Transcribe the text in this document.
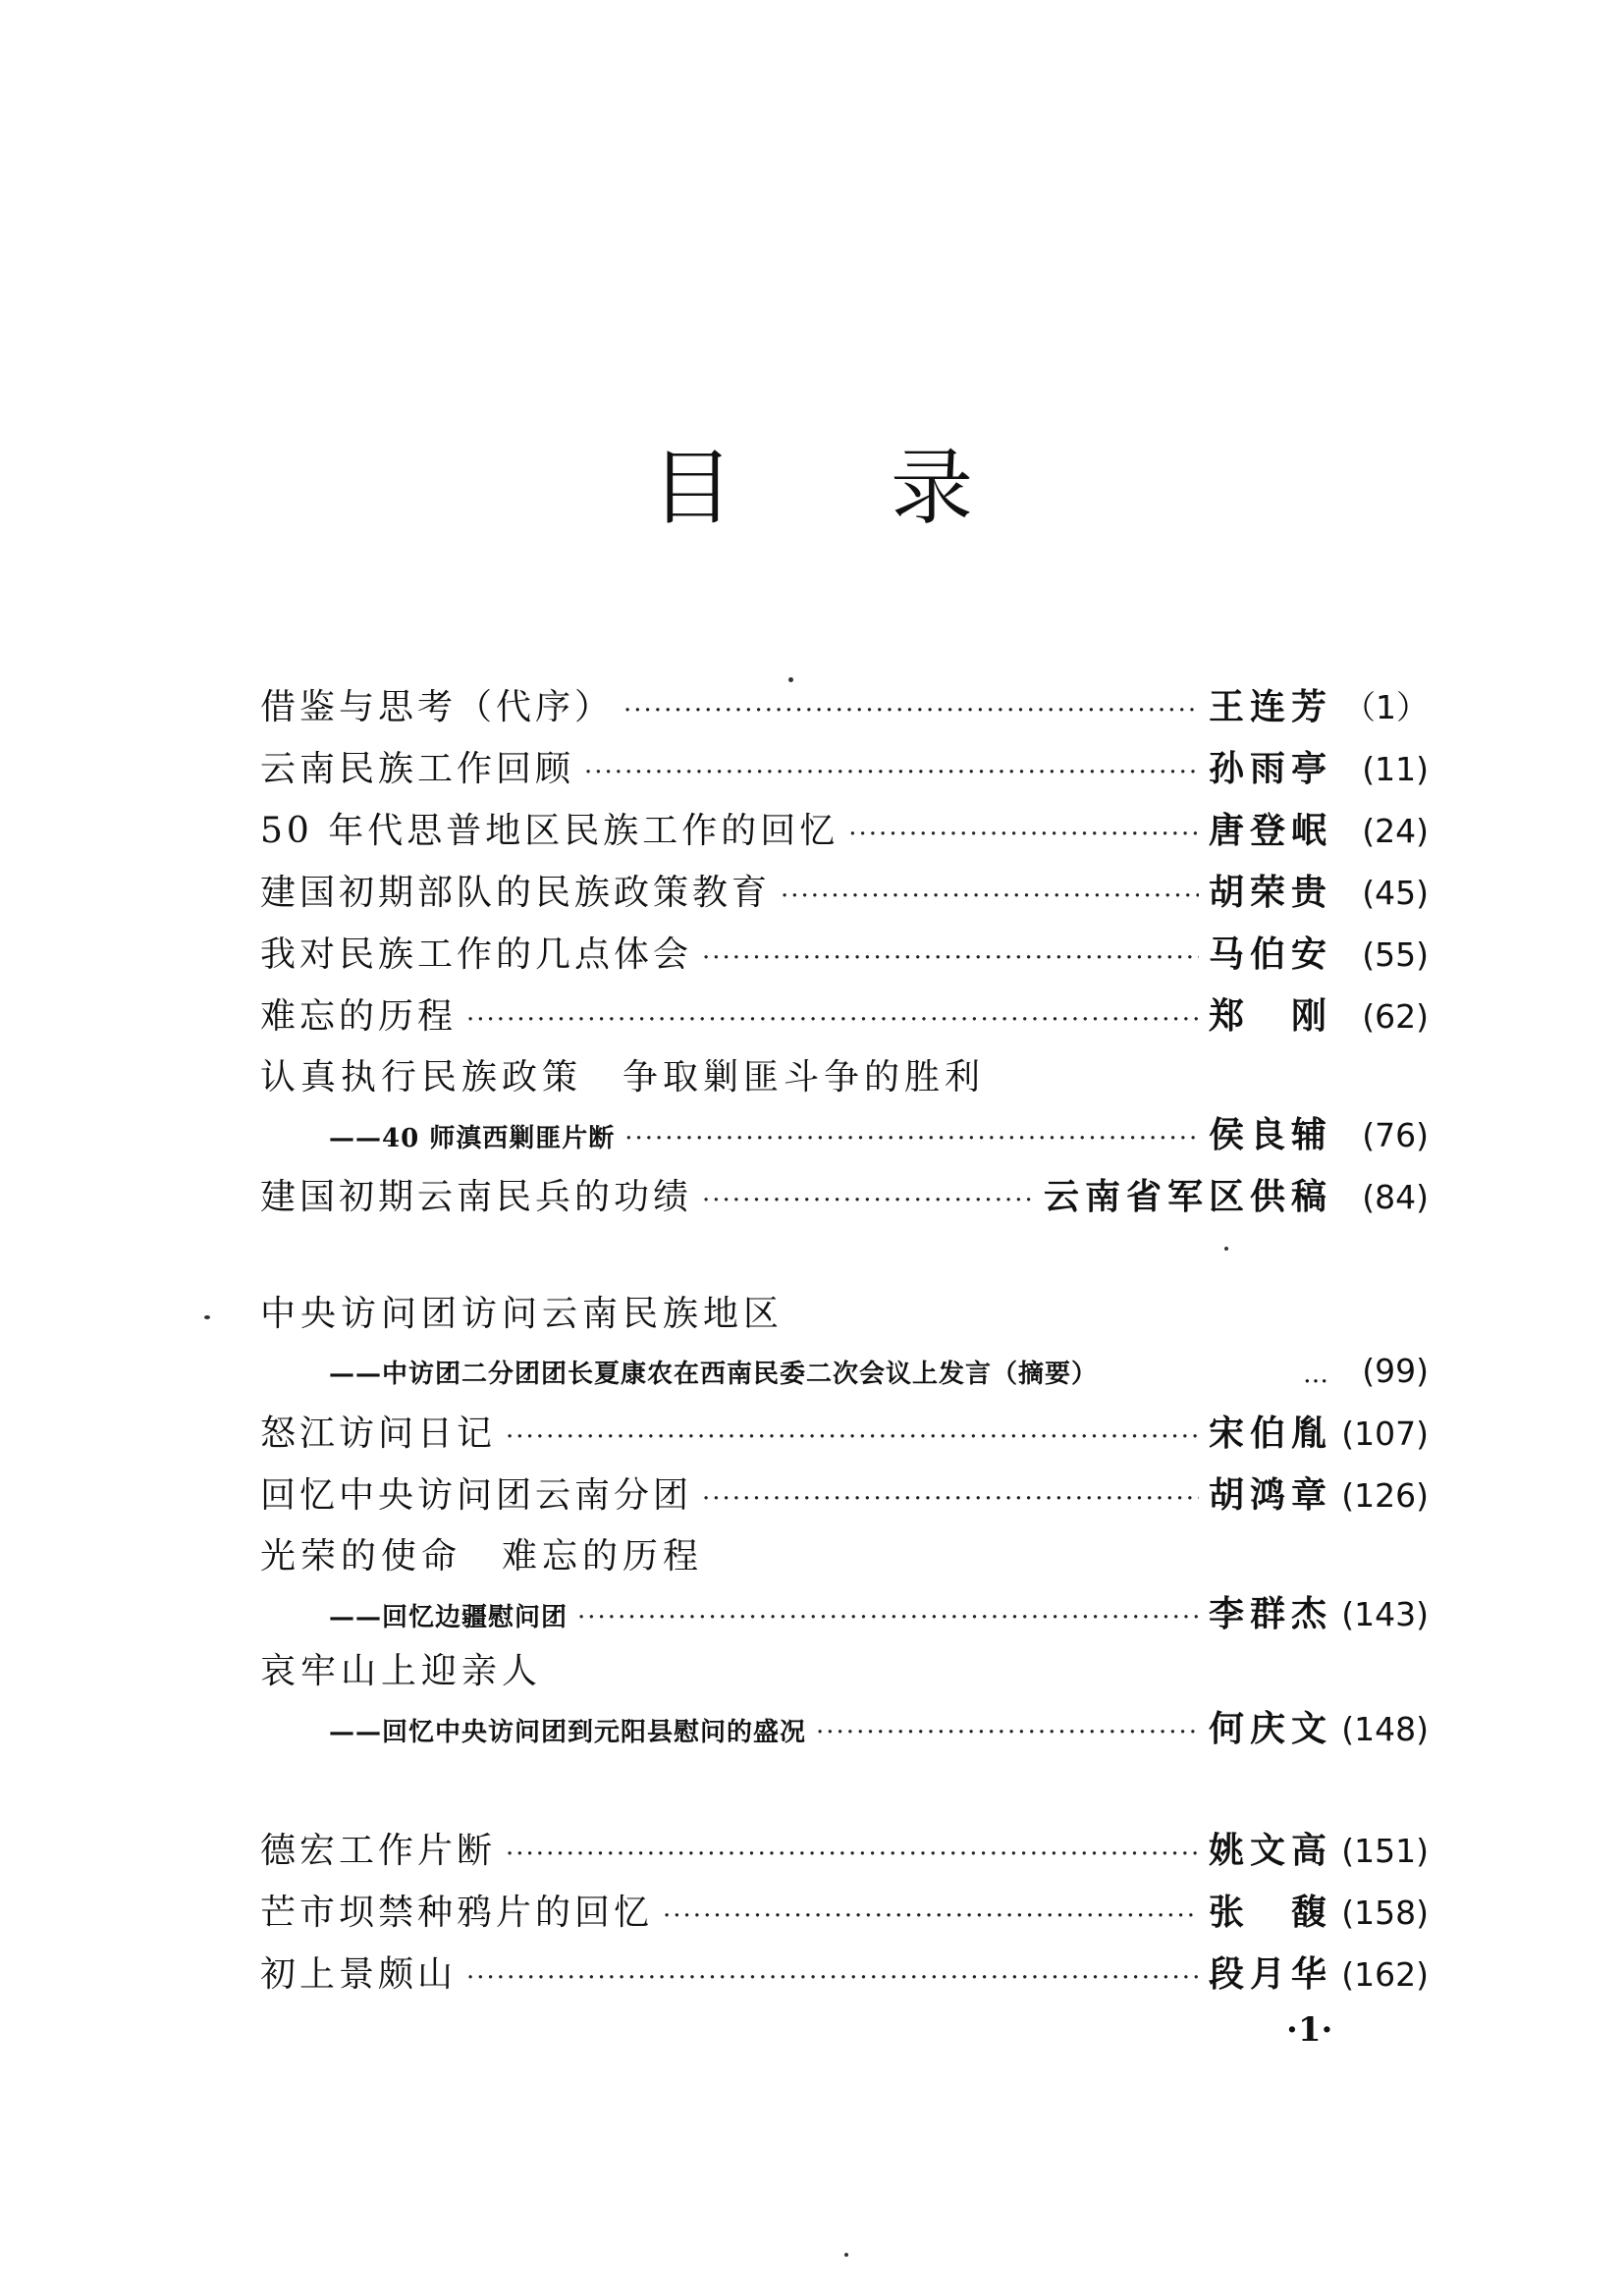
目录
借鉴与思考（代序） ·····	王连芳 （1）
云南民族工作回顾 ·····	孙雨亭 (11)
50 年代思普地区民族工作的回忆 ·····	唐登岷 (24)
建国初期部队的民族政策教育 ·····	胡荣贵 (45)
我对民族工作的几点体会 ·····	马伯安 (55)
难忘的历程 ·····	郑　刚 (62)
认真执行民族政策　争取剿匪斗争的胜利
——40 师滇西剿匪片断 ·····	侯良辅 (76)
建国初期云南民兵的功绩 ·····	云南省军区供稿 (84)
中央访问团访问云南民族地区
——中访团二分团团长夏康农在西南民委二次会议上发言（摘要）	… (99)
怒江访问日记 ·····	宋伯胤 (107)
回忆中央访问团云南分团 ·····	胡鸿章 (126)
光荣的使命　难忘的历程
——回忆边疆慰问团 ·····	李群杰 (143)
哀牢山上迎亲人
——回忆中央访问团到元阳县慰问的盛况 ·····	何庆文 (148)
德宏工作片断 ·····	姚文高 (151)
芒市坝禁种鸦片的回忆 ·····	张　馥 (158)
初上景颇山 ·····	段月华 (162)
·1·
